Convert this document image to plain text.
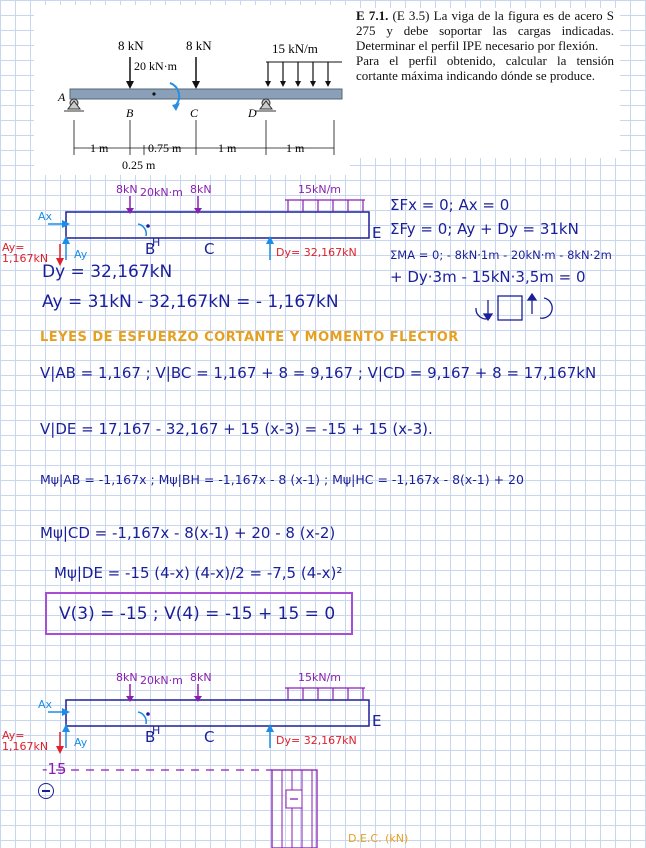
8 kN	8 kN
20 kN·m
15 kN/m
A
B	C	D
1 m	0.75 m	1 m	1 m
0.25 m
E 7.1. (E 3.5) La viga de la figura es de acero S 275 y debe soportar las cargas indicadas. Determinar el perfil IPE necesario por flexión.
Para el perfil obtenido, calcular la tensión cortante máxima indicando dónde se produce.
8kN 20kN·m 8kN	15kN/m
Ax
Ay
Ay= 1,167kN	Dy= 32,167kN
B
H	C
E
ΣFx = 0; Ax = 0
ΣFy = 0; Ay + Dy = 31kN
ΣMA = 0; - 8kN·1m - 20kN·m - 8kN·2m
+ Dy·3m - 15kN·3,5m = 0
Dy = 32,167kN
Ay = 31kN - 32,167kN = - 1,167kN
LEYES DE ESFUERZO CORTANTE Y MOMENTO FLECTOR
V|AB = 1,167 ; V|BC = 1,167 + 8 = 9,167 ; V|CD = 9,167 + 8 = 17,167kN
V|DE = 17,167 - 32,167 + 15 (x-3) = -15 + 15 (x-3).
Mψ|AB = -1,167x ; Mψ|BH = -1,167x - 8 (x-1) ; Mψ|HC = -1,167x - 8(x-1) + 20
Mψ|CD = -1,167x - 8(x-1) + 20 - 8 (x-2)
Mψ|DE = -15 (4-x) (4-x)/2 = -7,5 (4-x)²
V(3) = -15 ; V(4) = -15 + 15 = 0
8kN 20kN·m 8kN	15kN/m
Ax
Ay
Ay= 1,167kN	Dy= 32,167kN
B
H	C
E
-15
D.E.C. (kN)
